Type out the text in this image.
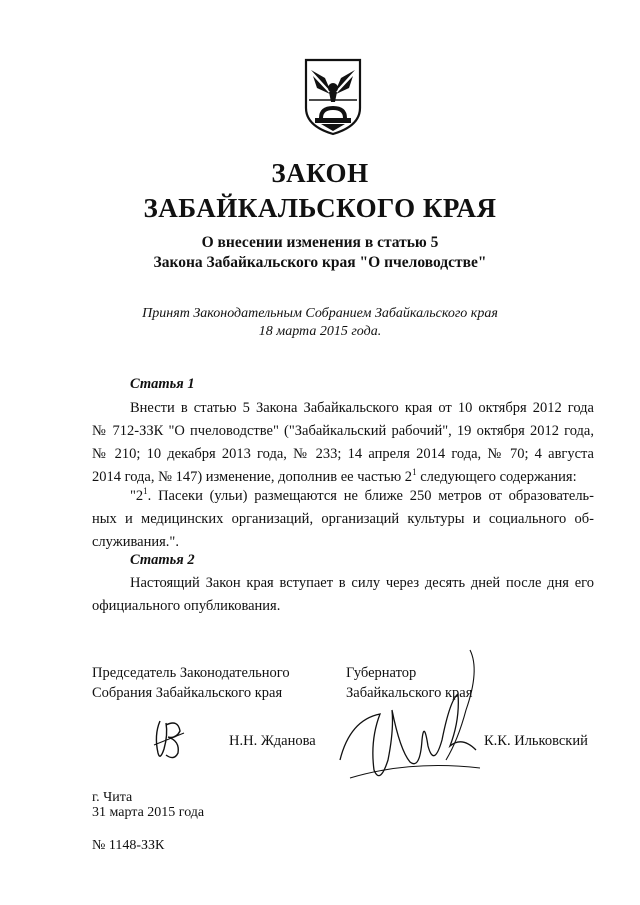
ЗАКОН
ЗАБАЙКАЛЬСКОГО КРАЯ
О внесении изменения в статью 5
Закона Забайкальского края "О пчеловодстве"
Принят Законодательным Собранием Забайкальского края
18 марта 2015 года.
Статья 1
Внести в статью 5 Закона Забайкальского края от 10 октября 2012 года
№ 712-ЗЗК "О пчеловодстве" ("Забайкальский рабочий", 19 октября 2012 года,
№ 210; 10 декабря 2013 года, № 233; 14 апреля 2014 года, № 70; 4 августа
2014 года, № 147) изменение, дополнив ее частью $2^1$ следующего содержания:
"$2^1$. Пасеки (ульи) размещаются не ближе 250 метров от образователь-
ных и медицинских организаций, организаций культуры и социального об-
служивания.".
Статья 2
Настоящий Закон края вступает в силу через десять дней после дня его
официального опубликования.
Председатель Законодательного
Собрания Забайкальского края
Губернатор
Забайкальского края
Н.Н. Жданова	К.К. Ильковский
г. Чита
31 марта 2015 года
№ 1148-ЗЗК
